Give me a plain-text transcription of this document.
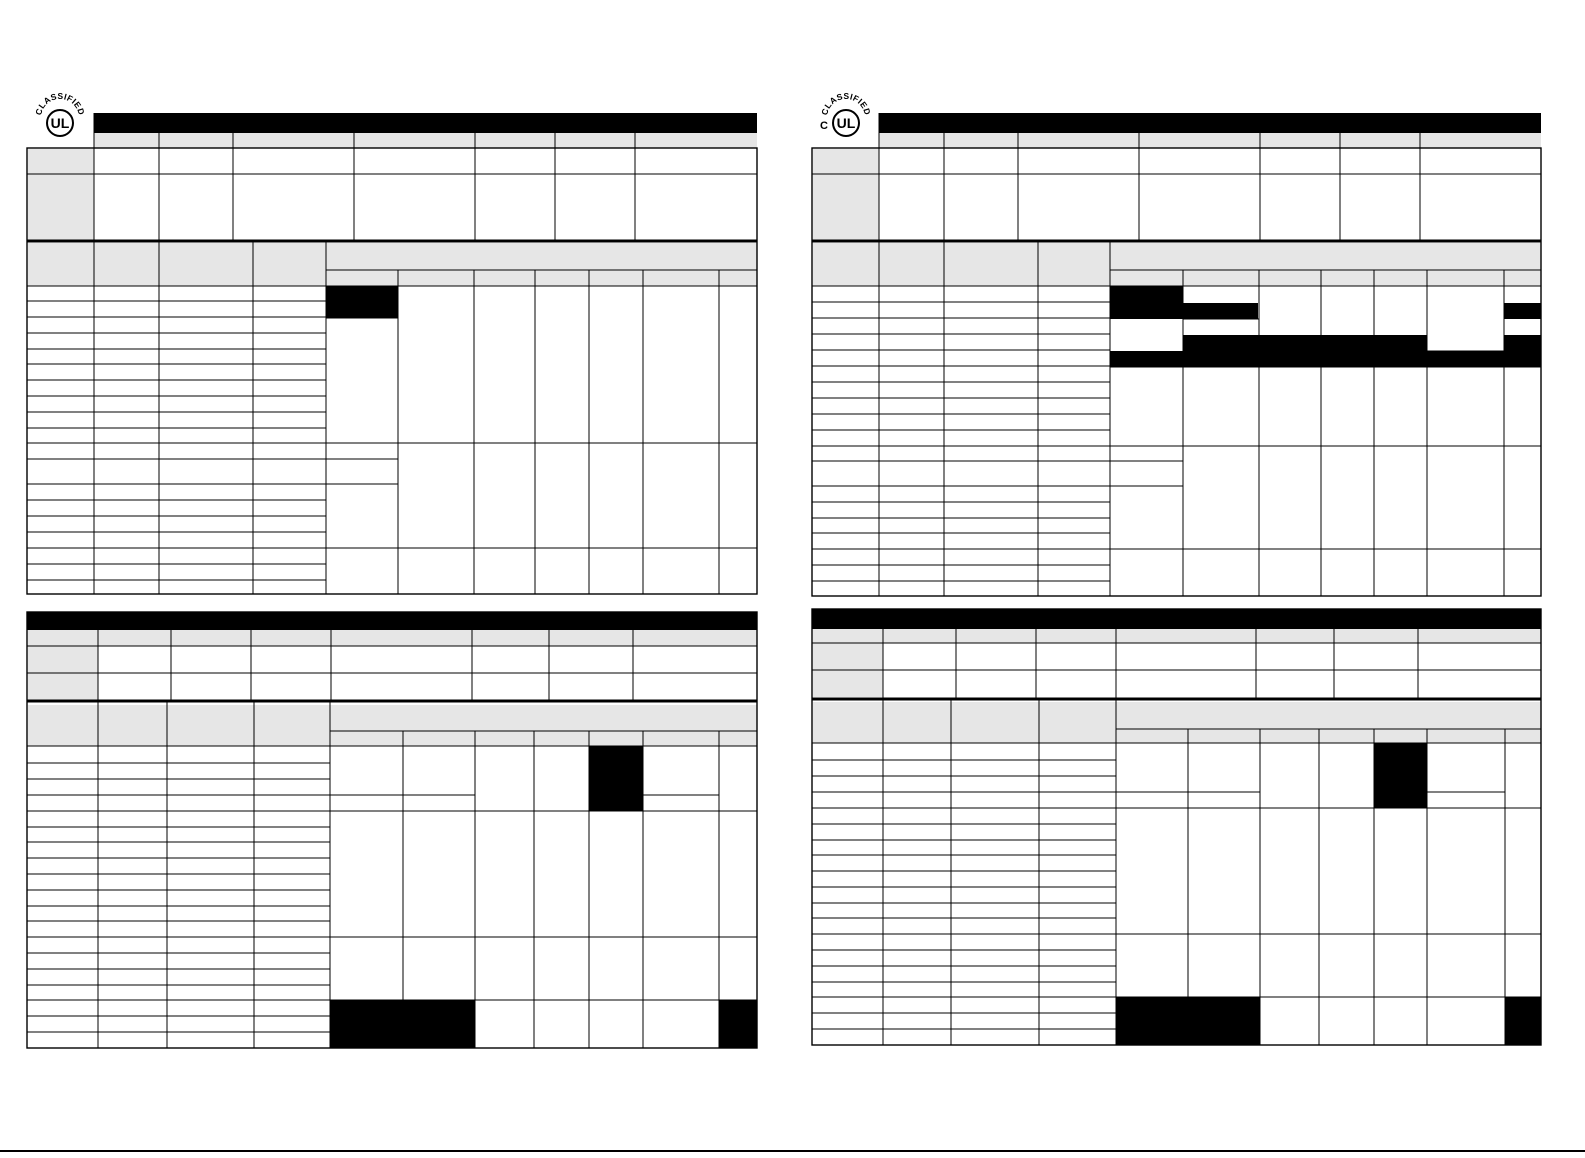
CLASSIFIED
UL
CLASSIFIED
UL
C
